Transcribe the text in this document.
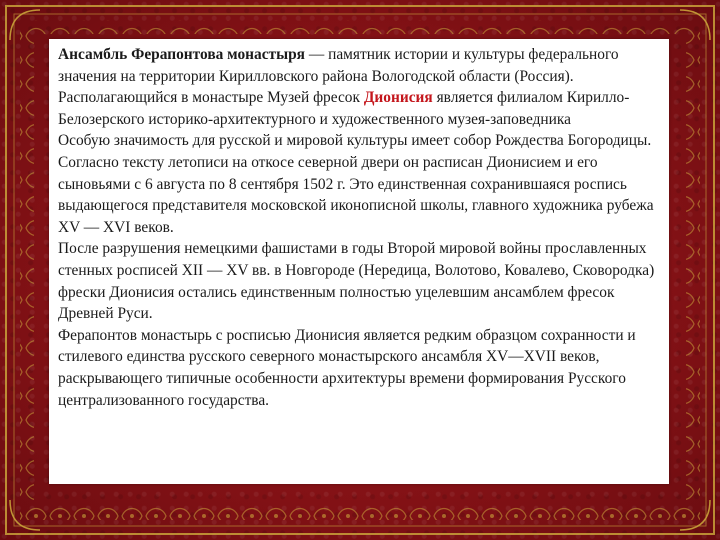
Ансамбль Ферапонтова монастыря — памятник истории и культуры федерального значения на территории Кирилловского района Вологодской области (Россия). Располагающийся в монастыре Музей фресок Дионисия является филиалом Кирилло-Белозерского историко-архитектурного и художественного музея-заповедника
Особую значимость для русской и мировой культуры имеет собор Рождества Богородицы.
Согласно тексту летописи на откосе северной двери он расписан Дионисием и его сыновьями с 6 августа по 8 сентября 1502 г. Это единственная сохранившаяся роспись выдающегося представителя московской иконописной школы, главного художника рубежа XV — XVI веков.
После разрушения немецкими фашистами в годы Второй мировой войны прославленных стенных росписей XII — XV вв. в Новгороде (Нередица, Волотово, Ковалево, Сковородка) фрески Дионисия остались единственным полностью уцелевшим ансамблем фресок Древней Руси.
Ферапонтов монастырь с росписью Дионисия является редким образцом сохранности и стилевого единства русского северного монастырского ансамбля XV—XVII веков, раскрывающего типичные особенности архитектуры времени формирования Русского централизованного государства.
